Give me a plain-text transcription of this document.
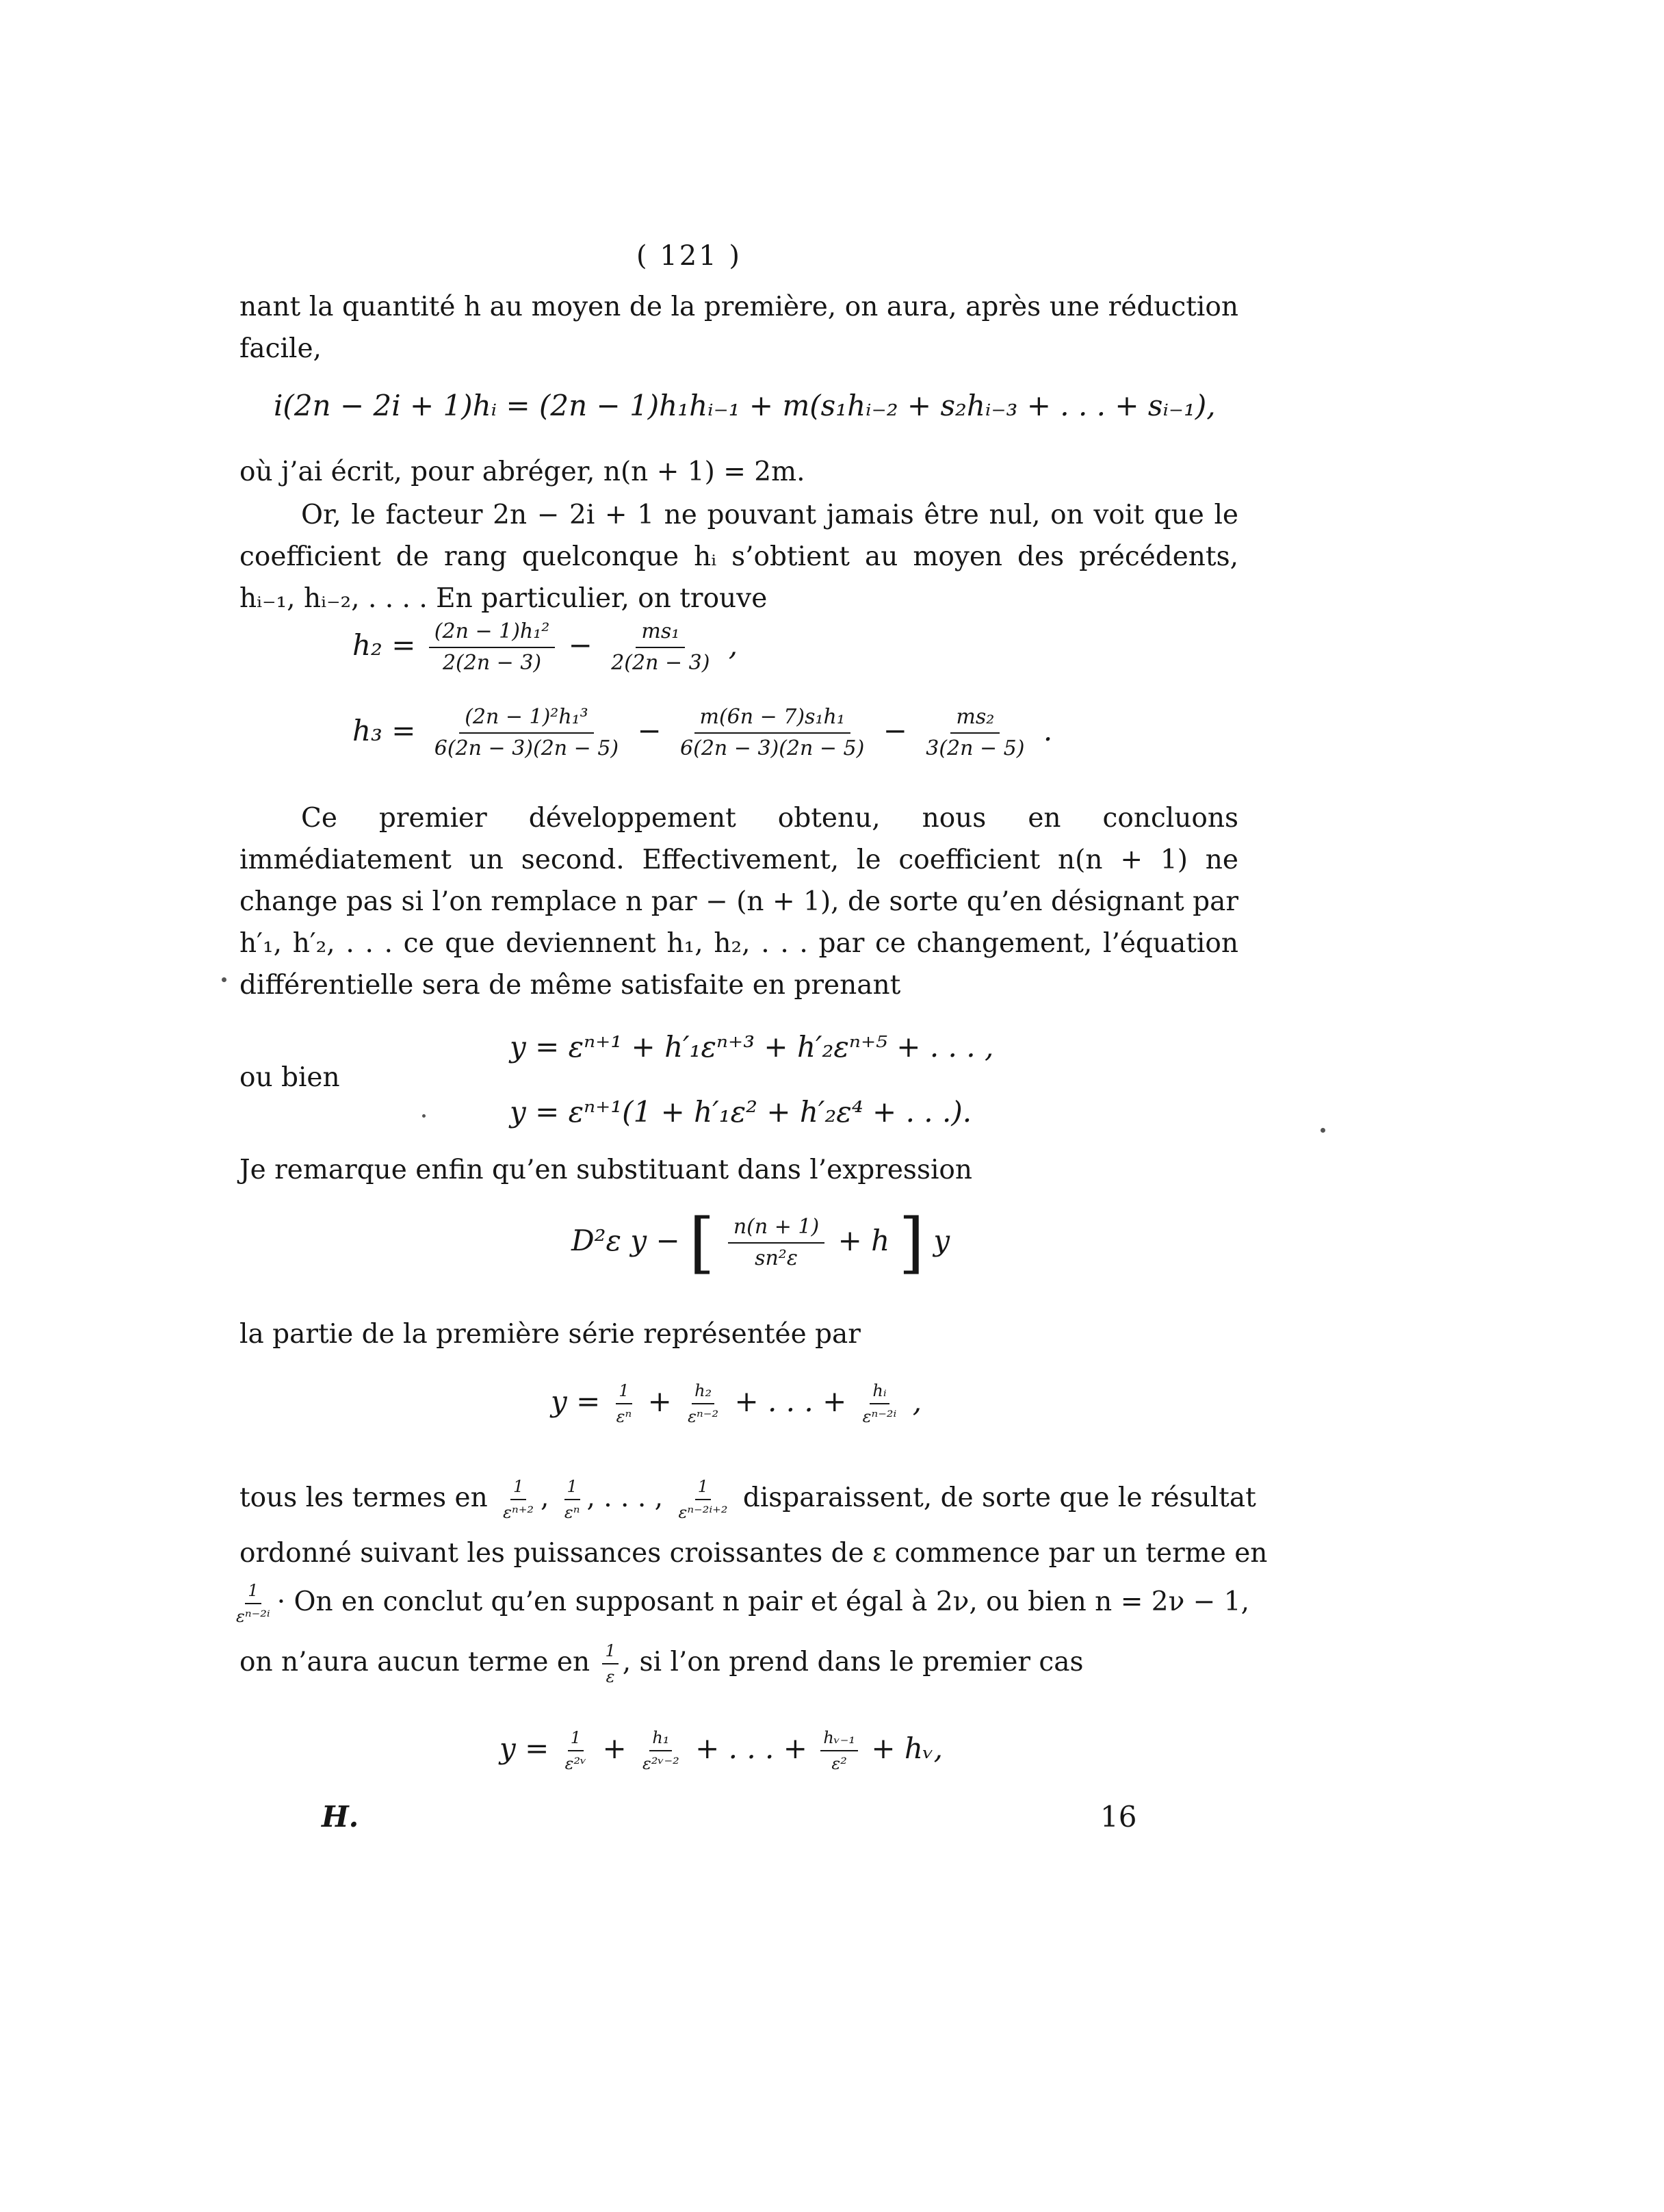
( 121 )
nant la quantité h au moyen de la première, on aura, après une réduction facile,
i(2n − 2i + 1)hᵢ = (2n − 1)h₁hᵢ₋₁ + m(s₁hᵢ₋₂ + s₂hᵢ₋₃ + . . . + sᵢ₋₁),
où j’ai écrit, pour abréger, n(n + 1) = 2m.
Or, le facteur 2n − 2i + 1 ne pouvant jamais être nul, on voit que le coefficient de rang quelconque hᵢ s’obtient au moyen des précédents, hᵢ₋₁, hᵢ₋₂, . . . . En particulier, on trouve
$h_2 = \frac{\text{(2n − 1)h₁²}}{2(2n - 3)} - \frac{\text{ms₁}}{2(2n - 3)}$ ,
$h_3 = \frac{\text{(2n − 1)²h₁³}}{6(2n - 3)(2n - 5)} - \frac{\text{m(6n − 7)s₁h₁}}{6(2n - 3)(2n - 5)} - \frac{\text{ms₂}}{3(2n - 5)}$ .
Ce premier développement obtenu, nous en concluons immédiatement un second. Effectivement, le coefficient n(n + 1) ne change pas si l’on remplace n par − (n + 1), de sorte qu’en désignant par h′₁, h′₂, . . . ce que deviennent h₁, h₂, . . . par ce changement, l’équation différentielle sera de même satisfaite en prenant
y = εⁿ⁺¹ + h′₁εⁿ⁺³ + h′₂εⁿ⁺⁵ + . . . ,
ou bien
y = εⁿ⁺¹(1 + h′₁ε² + h′₂ε⁴ + . . .).
Je remarque enfin qu’en substituant dans l’expression
D²ε y − [ $\frac{n(n + 1)}{\text{sn²ε}} + h$ ] y
la partie de la première série représentée par
$y = \frac{1}{\text{εⁿ}} + \frac{\text{h₂}}{\text{εⁿ⁻²}}$ + . . . + $\frac{\text{hᵢ}}{\text{εⁿ⁻²ⁱ}}$ ,
tous les termes en $\frac{1}{\text{εⁿ⁺²}}$ , $\frac{1}{\text{εⁿ}}$ , . . . , $\frac{1}{\text{εⁿ⁻²ⁱ⁺²}}$ disparaissent, de sorte que le résultat
ordonné suivant les puissances croissantes de ε commence par un terme en
$\frac{1}{\text{εⁿ⁻²ⁱ}} \cdot On$ en conclut qu’en supposant n pair et égal à 2ν, ou bien n = 2ν − 1,
on n’aura aucun terme en $\frac{1}{\varepsilon}$ , si l’on prend dans le premier cas
$y = \frac{1}{\text{ε²ᵛ}} + \frac{\text{h₁}}{\text{ε²ᵛ⁻²}}$ + . . . + $\frac{\text{hᵥ₋₁}}{\text{ε²}}$ + hᵥ,
H.	16
